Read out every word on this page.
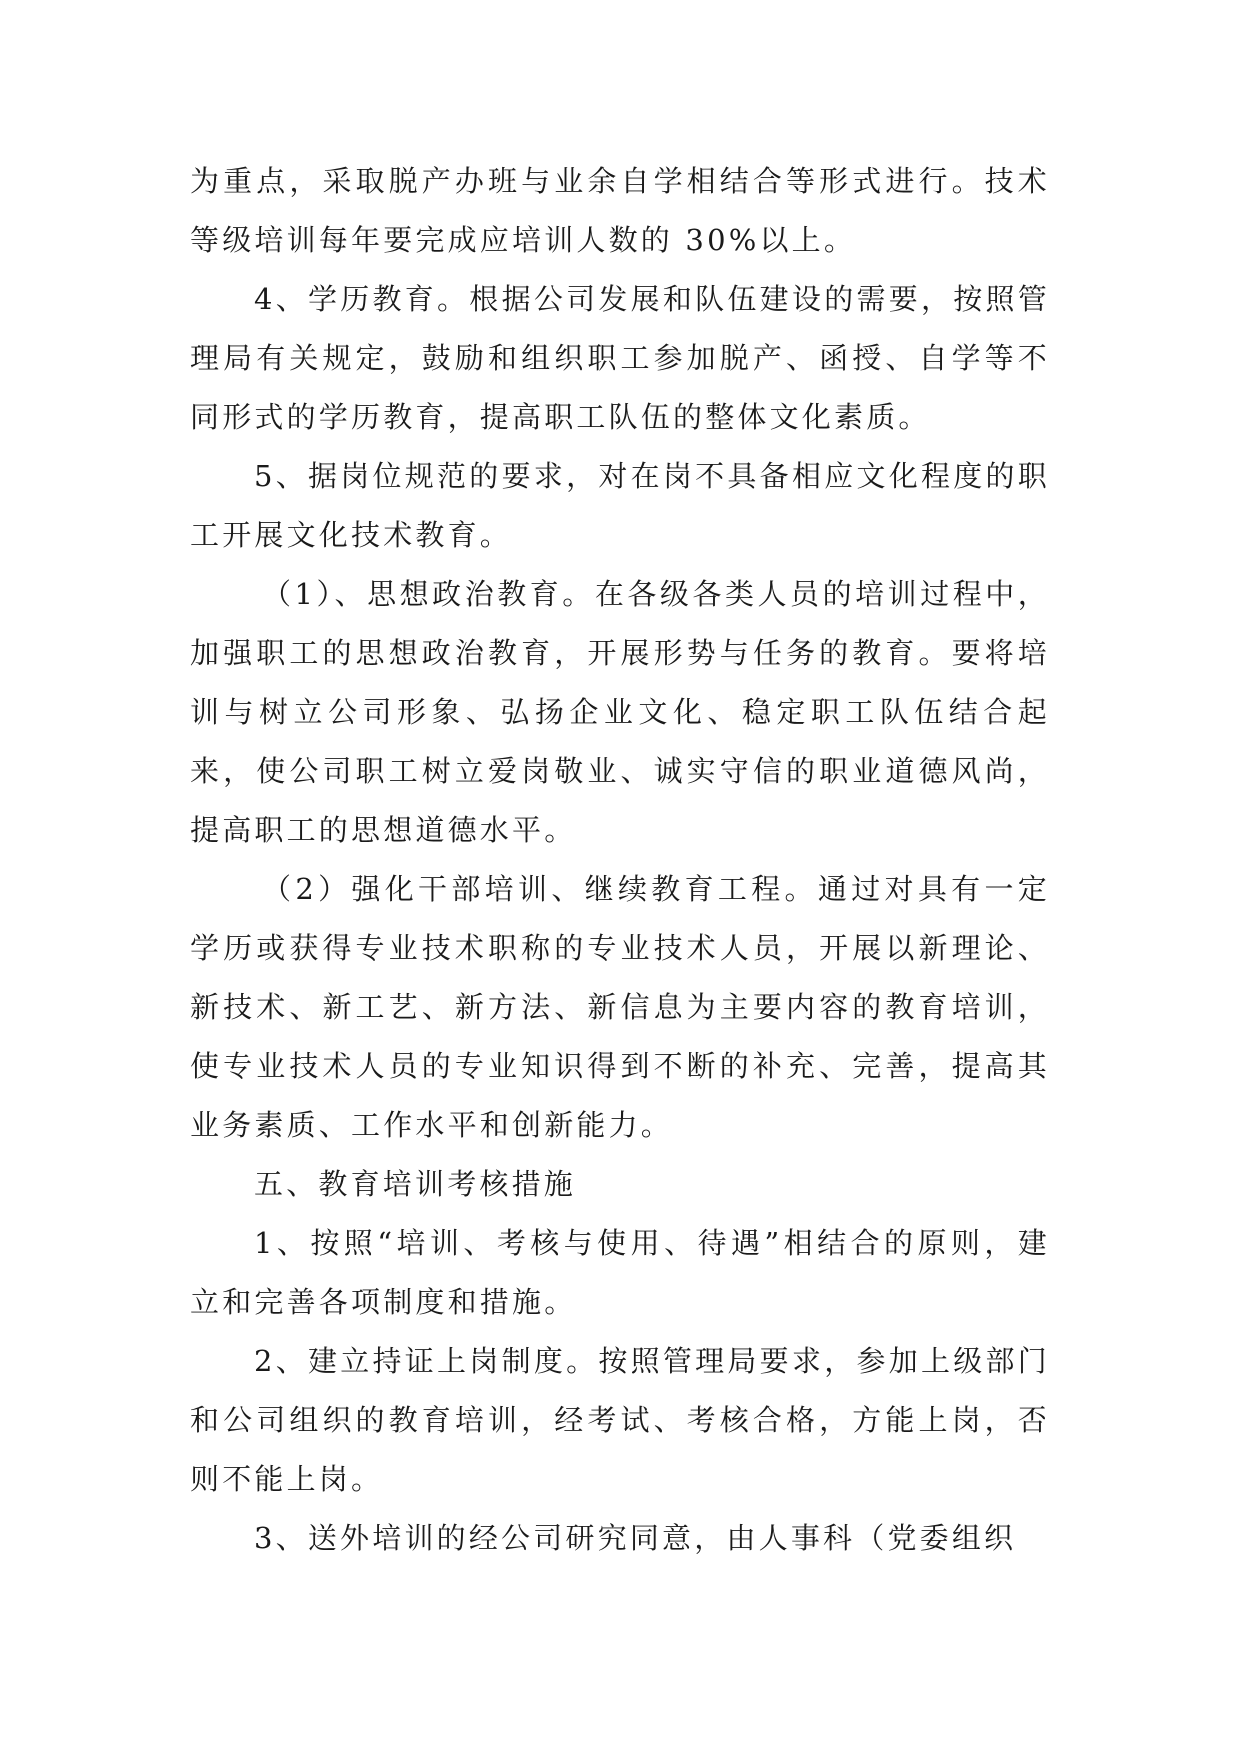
为重点，采取脱产办班与业余自学相结合等形式进行。技术等级培训每年要完成应培训人数的 30%以上。

4、学历教育。根据公司发展和队伍建设的需要，按照管理局有关规定，鼓励和组织职工参加脱产、函授、自学等不同形式的学历教育，提高职工队伍的整体文化素质。

5、据岗位规范的要求，对在岗不具备相应文化程度的职工开展文化技术教育。

（1）、思想政治教育。在各级各类人员的培训过程中，加强职工的思想政治教育，开展形势与任务的教育。要将培训与树立公司形象、弘扬企业文化、稳定职工队伍结合起来，使公司职工树立爱岗敬业、诚实守信的职业道德风尚，提高职工的思想道德水平。

（2）强化干部培训、继续教育工程。通过对具有一定学历或获得专业技术职称的专业技术人员，开展以新理论、新技术、新工艺、新方法、新信息为主要内容的教育培训，使专业技术人员的专业知识得到不断的补充、完善，提高其业务素质、工作水平和创新能力。

五、教育培训考核措施

1、按照“培训、考核与使用、待遇”相结合的原则，建立和完善各项制度和措施。

2、建立持证上岗制度。按照管理局要求，参加上级部门和公司组织的教育培训，经考试、考核合格，方能上岗，否则不能上岗。

3、送外培训的经公司研究同意，由人事科（党委组织
